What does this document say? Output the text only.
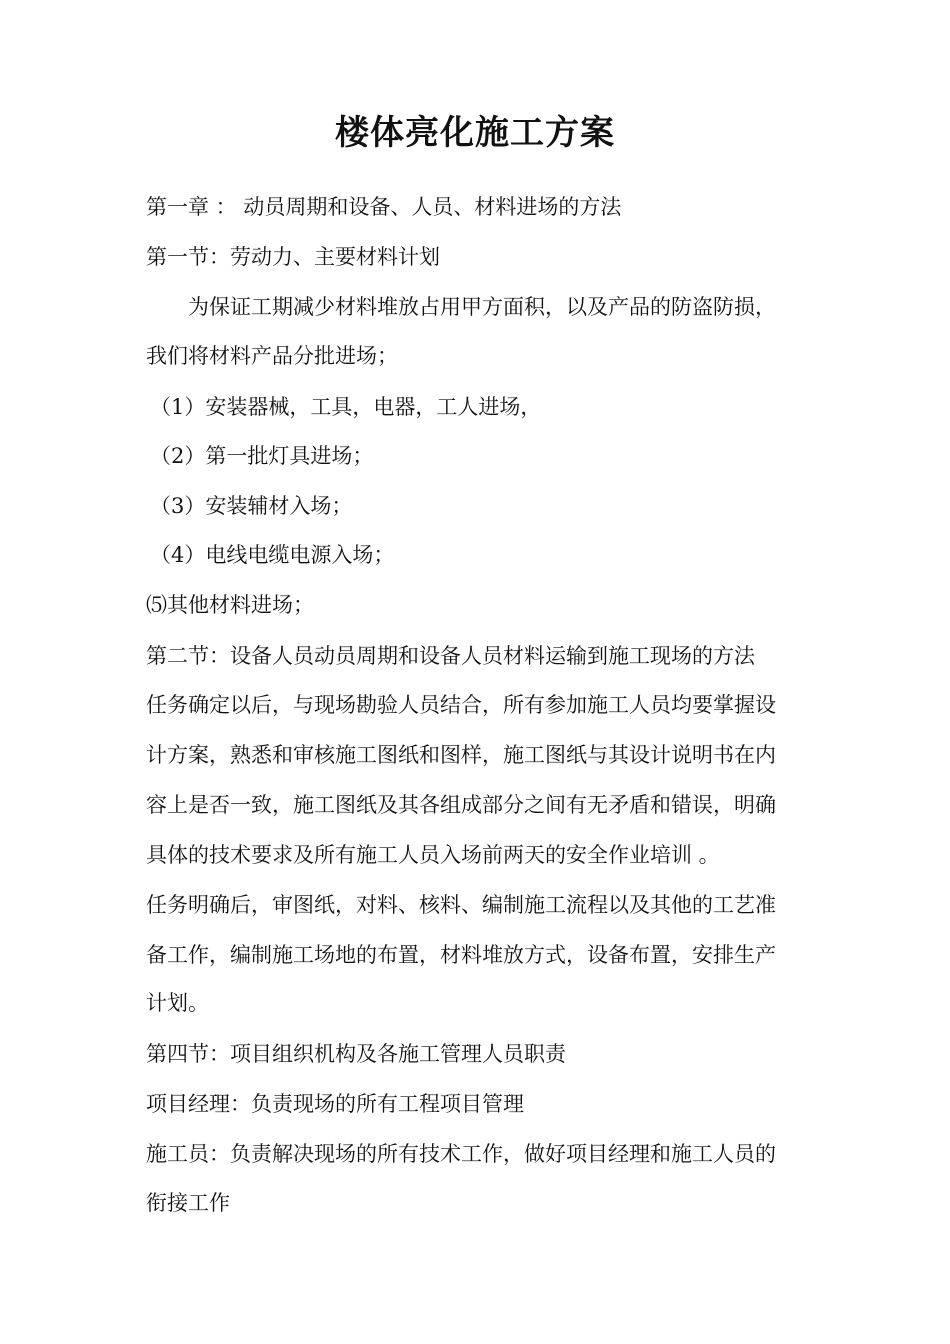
楼体亮化施工方案
第一章 ： 动员周期和设备、人员、材料进场的方法
第一节：劳动力、主要材料计划
为保证工期减少材料堆放占用甲方面积，以及产品的防盗防损，
我们将材料产品分批进场；
（1）安装器械，工具，电器，工人进场，
（2）第一批灯具进场；
（3）安装辅材入场；
（4）电线电缆电源入场；
⑸其他材料进场；
第二节：设备人员动员周期和设备人员材料运输到施工现场的方法
任务确定以后，与现场勘验人员结合，所有参加施工人员均要掌握设
计方案，熟悉和审核施工图纸和图样，施工图纸与其设计说明书在内
容上是否一致，施工图纸及其各组成部分之间有无矛盾和错误，明确
具体的技术要求及所有施工人员入场前两天的安全作业培训 。
任务明确后，审图纸，对料、核料、编制施工流程以及其他的工艺准
备工作，编制施工场地的布置，材料堆放方式，设备布置，安排生产
计划。
第四节：项目组织机构及各施工管理人员职责
项目经理：负责现场的所有工程项目管理
施工员：负责解决现场的所有技术工作，做好项目经理和施工人员的
衔接工作
